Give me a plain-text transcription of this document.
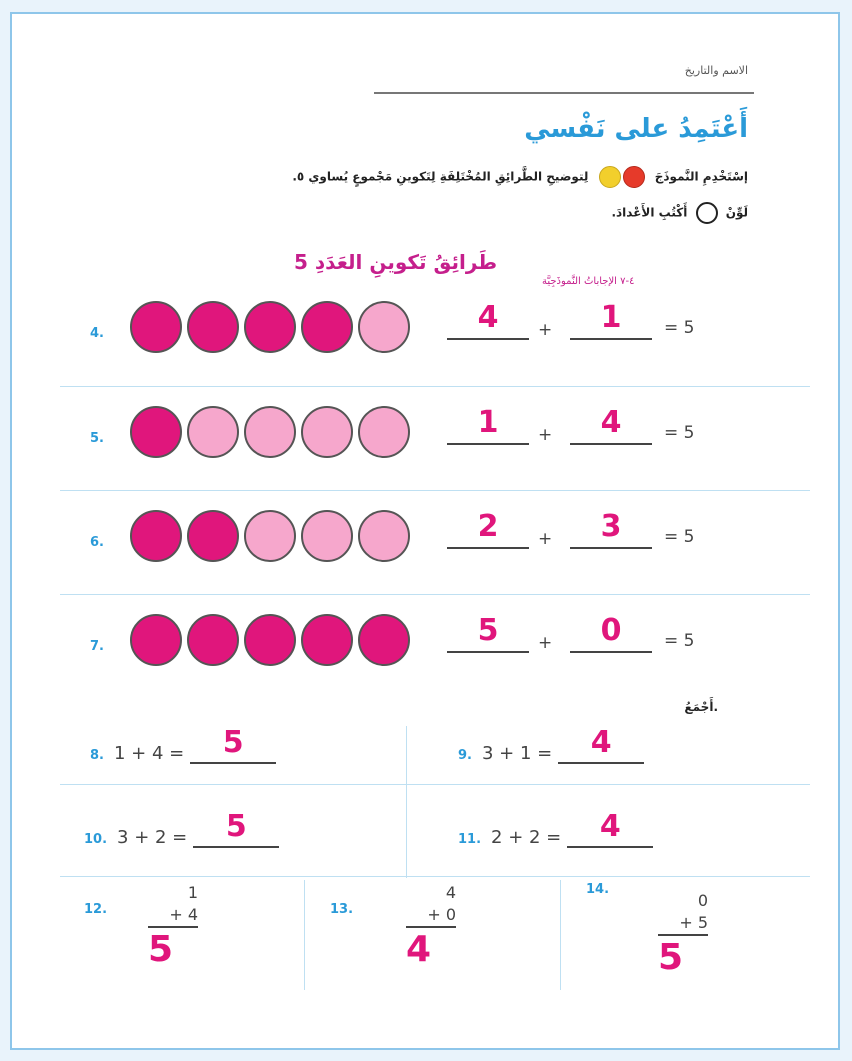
الاسم والتاريخ
أَعْتَمِدُ على نَفْسي
إسْتَخْدِمِ النَّموذَجَ  لِتوضيحِ الطَّرائِقِ المُخْتَلِفَةِ لِتَكوينِ مَجْموعٍ يُساوي ٥.
لَوِّنْ  أَكْتُبِ الأَعْدادَ.
طَرائِقُ تَكوينِ العَدَدِ 5
٤-٧ الإجاباتُ النَّموذَجِيَّة
4.	4	+	1	= 5
5.	1	+	4	= 5
6.	2	+	3	= 5
7.	5	+	0	= 5
أَجْمَعُ.
8. 1 + 4 = 5	9. 3 + 1 = 4
10. 3 + 2 = 5	11. 2 + 2 = 4
12.
1
+ 4
5
13.
4
+ 0
4
14.
0
+ 5
5
